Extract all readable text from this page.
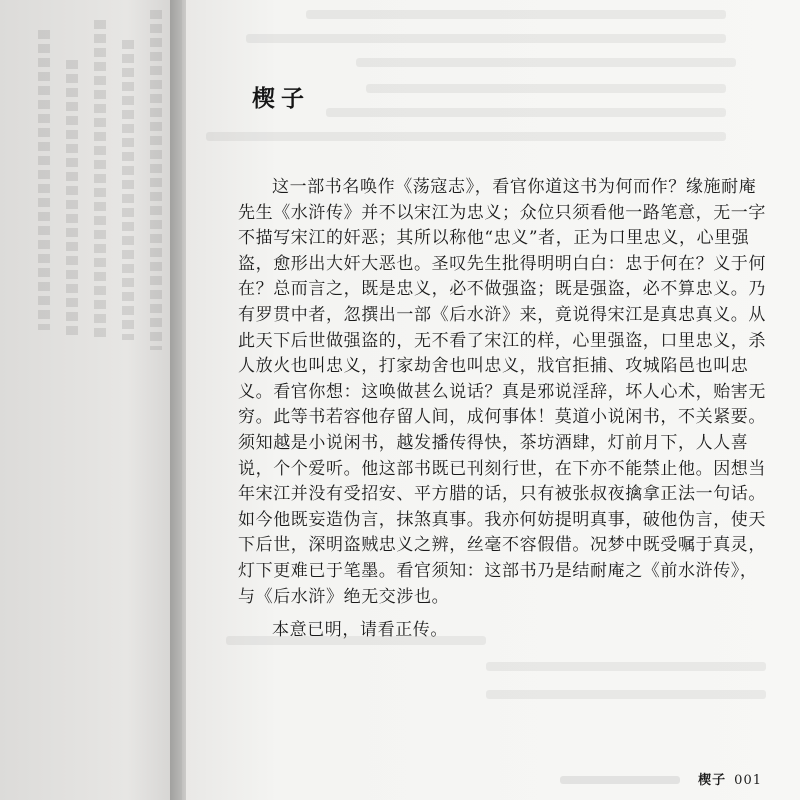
楔子

这一部书名唤作《荡寇志》，看官你道这书为何而作？缘施耐庵先生《水浒传》并不以宋江为忠义；众位只须看他一路笔意，无一字不描写宋江的奸恶；其所以称他“忠义”者，正为口里忠义，心里强盗，愈形出大奸大恶也。圣叹先生批得明明白白：忠于何在？义于何在？总而言之，既是忠义，必不做强盗；既是强盗，必不算忠义。乃有罗贯中者，忽撰出一部《后水浒》来，竟说得宋江是真忠真义。从此天下后世做强盗的，无不看了宋江的样，心里强盗，口里忠义，杀人放火也叫忠义，打家劫舍也叫忠义，戕官拒捕、攻城陷邑也叫忠义。看官你想：这唤做甚么说话？真是邪说淫辞，坏人心术，贻害无穷。此等书若容他存留人间，成何事体！莫道小说闲书，不关紧要。须知越是小说闲书，越发播传得快，茶坊酒肆，灯前月下，人人喜说，个个爱听。他这部书既已刊刻行世，在下亦不能禁止他。因想当年宋江并没有受招安、平方腊的话，只有被张叔夜擒拿正法一句话。如今他既妄造伪言，抹煞真事。我亦何妨提明真事，破他伪言，使天下后世，深明盗贼忠义之辨，丝毫不容假借。况梦中既受嘱于真灵，灯下更难已于笔墨。看官须知：这部书乃是结耐庵之《前水浒传》，与《后水浒》绝无交涉也。

本意已明，请看正传。

楔子 001
